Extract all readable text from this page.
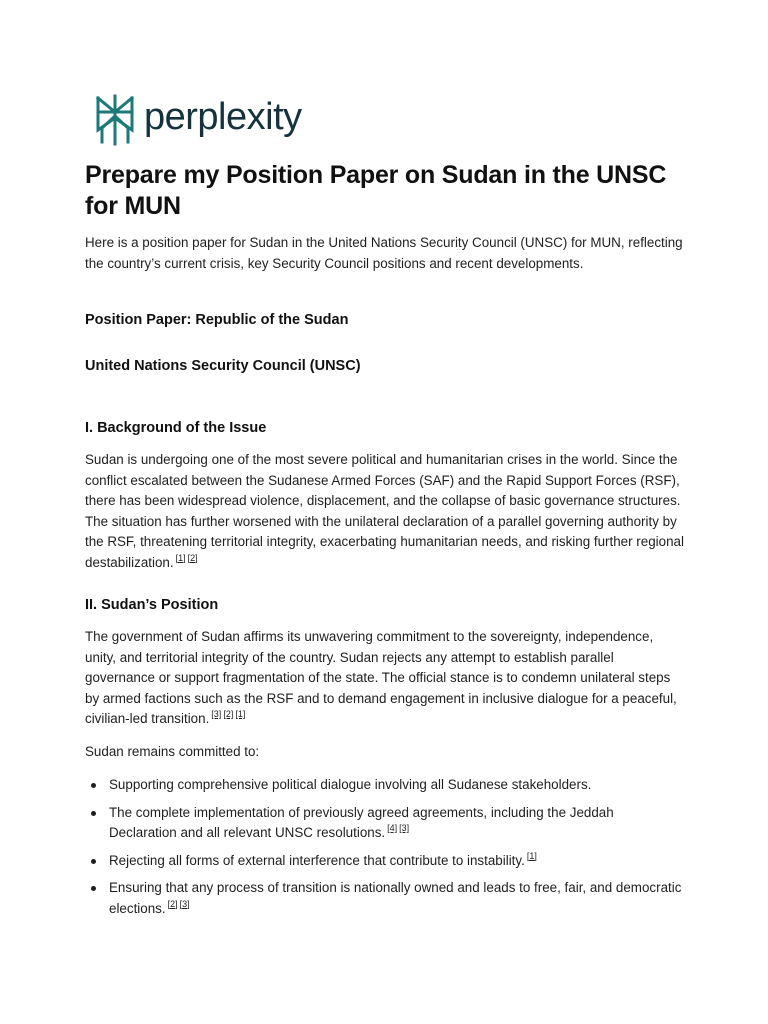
perplexity
Prepare my Position Paper on Sudan in the UNSC for MUN

Here is a position paper for Sudan in the United Nations Security Council (UNSC) for MUN, reflecting the country’s current crisis, key Security Council positions and recent developments.

Position Paper: Republic of the Sudan
United Nations Security Council (UNSC)
I. Background of the Issue

Sudan is undergoing one of the most severe political and humanitarian crises in the world. Since the conflict escalated between the Sudanese Armed Forces (SAF) and the Rapid Support Forces (RSF), there has been widespread violence, displacement, and the collapse of basic governance structures. The situation has further worsened with the unilateral declaration of a parallel governing authority by the RSF, threatening territorial integrity, exacerbating humanitarian needs, and risking further regional destabilization. [1] [2]

II. Sudan’s Position

The government of Sudan affirms its unwavering commitment to the sovereignty, independence, unity, and territorial integrity of the country. Sudan rejects any attempt to establish parallel governance or support fragmentation of the state. The official stance is to condemn unilateral steps by armed factions such as the RSF and to demand engagement in inclusive dialogue for a peaceful, civilian-led transition. [3] [2] [1]

Sudan remains committed to:

Supporting comprehensive political dialogue involving all Sudanese stakeholders.
The complete implementation of previously agreed agreements, including the Jeddah Declaration and all relevant UNSC resolutions. [4] [3]
Rejecting all forms of external interference that contribute to instability. [1]
Ensuring that any process of transition is nationally owned and leads to free, fair, and democratic elections. [2] [3]
